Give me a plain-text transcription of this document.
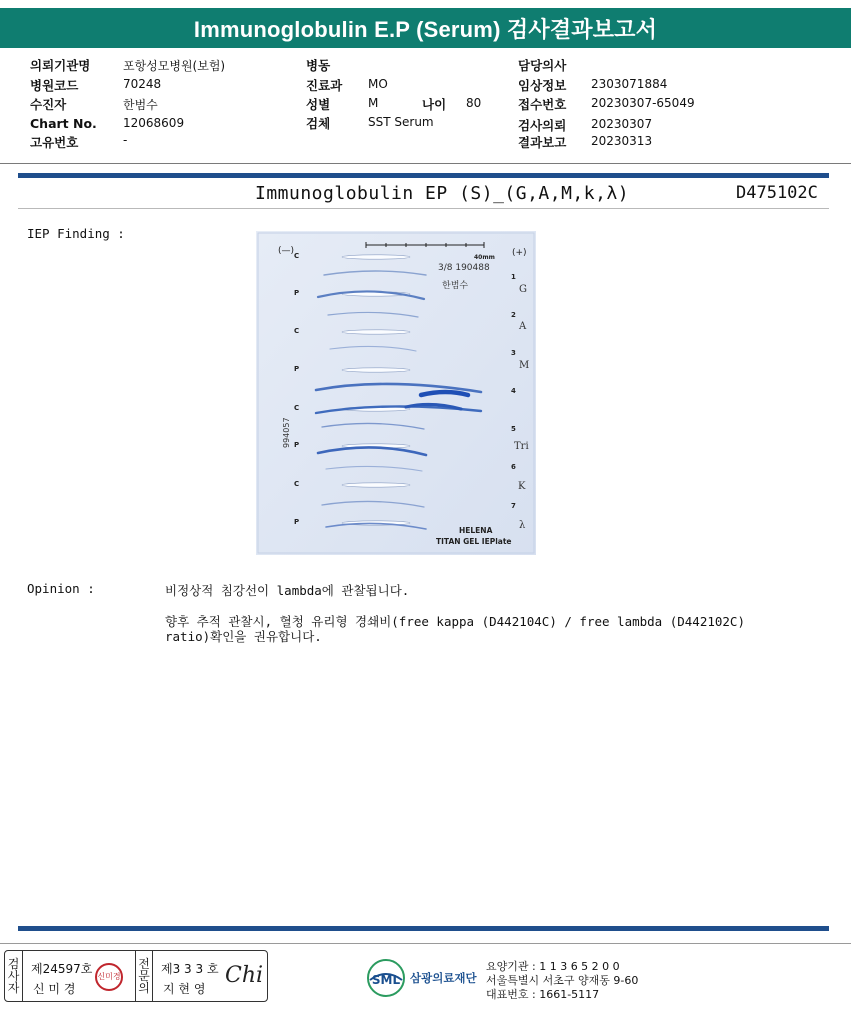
Immunoglobulin E.P (Serum) 검사결과보고서
의뢰기관명	포항성모병원(보험)
병원코드	70248
수진자	한범수
Chart No. 12068609
고유번호	-
병동
진료과 MO
성별	M	나이 80
검체	SST Serum
담당의사
임상정보 2303071884
접수번호 20230307-65049
검사의뢰 20230307
결과보고 20230313
Immunoglobulin EP (S)_(G,A,M,k,λ)	D475102C
IEP Finding :
(—)	(+)
40mm
3/8 190488
한범수
994057
C
P
C
P
C
P
C
P
1
G
2
A
3
M
4
5
Tri
6
K
7
λ
HELENA
TITAN GEL IEPlate
Opinion :	비정상적 침강선이 lambda에 관찰됩니다.
향후 추적 관찰시, 혈청 유리형 경쇄비(free kappa (D442104C) / free lambda (D442102C)
ratio)확인을 권유합니다.
검
사
자
제24597호
신 미 경
신미경
전
문
의
제3 3 3 호
지 현 영
Chi	SML 삼광의료재단
요양기관 : 1 1 3 6 5 2 0 0
서울특별시 서초구 양재동 9-60
대표번호 : 1661-5117
